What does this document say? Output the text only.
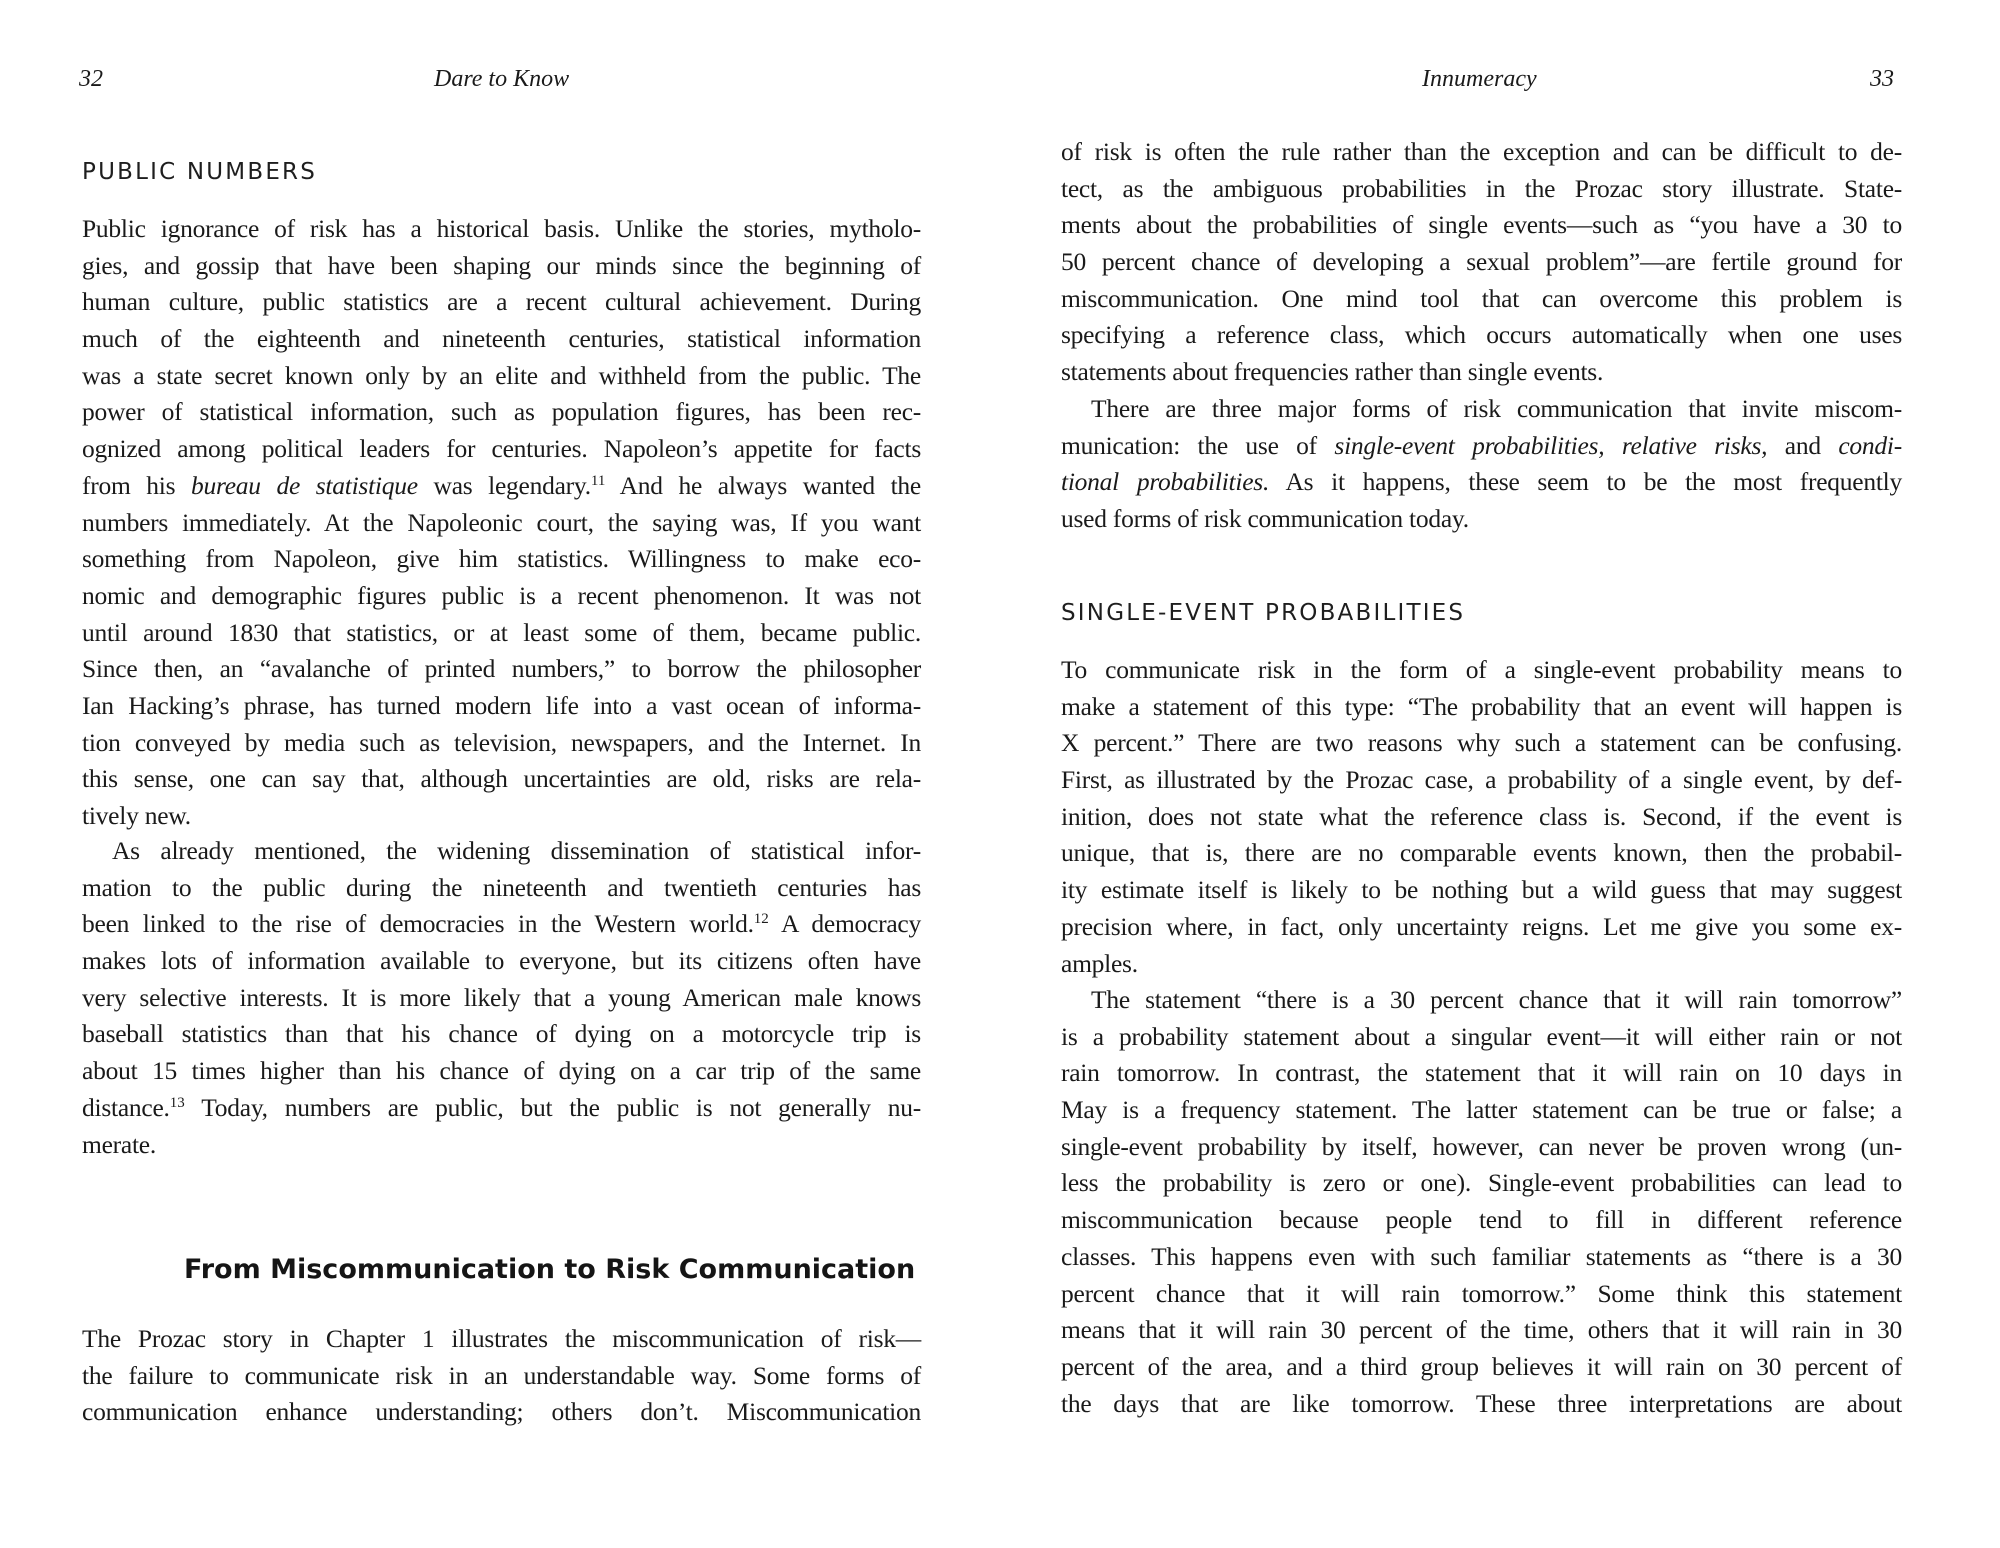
32	Dare to Know
PUBLIC NUMBERS
Public ignorance of risk has a historical basis. Unlike the stories, mytholo-
gies, and gossip that have been shaping our minds since the beginning of
human culture, public statistics are a recent cultural achievement. During
much of the eighteenth and nineteenth centuries, statistical information
was a state secret known only by an elite and withheld from the public. The
power of statistical information, such as population figures, has been rec-
ognized among political leaders for centuries. Napoleon’s appetite for facts
from his bureau de statistique was legendary.$^{11}$ And he always wanted the
numbers immediately. At the Napoleonic court, the saying was, If you want
something from Napoleon, give him statistics. Willingness to make eco-
nomic and demographic figures public is a recent phenomenon. It was not
until around 1830 that statistics, or at least some of them, became public.
Since then, an “avalanche of printed numbers,” to borrow the philosopher
Ian Hacking’s phrase, has turned modern life into a vast ocean of informa-
tion conveyed by media such as television, newspapers, and the Internet. In
this sense, one can say that, although uncertainties are old, risks are rela-
tively new.
As already mentioned, the widening dissemination of statistical infor-
mation to the public during the nineteenth and twentieth centuries has
been linked to the rise of democracies in the Western world.$^{12}$ A democracy
makes lots of information available to everyone, but its citizens often have
very selective interests. It is more likely that a young American male knows
baseball statistics than that his chance of dying on a motorcycle trip is
about 15 times higher than his chance of dying on a car trip of the same
distance.$^{13}$ Today, numbers are public, but the public is not generally nu-
merate.
From Miscommunication to Risk Communication
The Prozac story in Chapter 1 illustrates the miscommunication of risk—
the failure to communicate risk in an understandable way. Some forms of
communication enhance understanding; others don’t. Miscommunication
Innumeracy	33
of risk is often the rule rather than the exception and can be difficult to de-
tect, as the ambiguous probabilities in the Prozac story illustrate. State-
ments about the probabilities of single events—such as “you have a 30 to
50 percent chance of developing a sexual problem”—are fertile ground for
miscommunication. One mind tool that can overcome this problem is
specifying a reference class, which occurs automatically when one uses
statements about frequencies rather than single events.
There are three major forms of risk communication that invite miscom-
munication: the use of single-event probabilities, relative risks, and condi-
tional probabilities. As it happens, these seem to be the most frequently
used forms of risk communication today.
SINGLE-EVENT PROBABILITIES
To communicate risk in the form of a single-event probability means to
make a statement of this type: “The probability that an event will happen is
X percent.” There are two reasons why such a statement can be confusing.
First, as illustrated by the Prozac case, a probability of a single event, by def-
inition, does not state what the reference class is. Second, if the event is
unique, that is, there are no comparable events known, then the probabil-
ity estimate itself is likely to be nothing but a wild guess that may suggest
precision where, in fact, only uncertainty reigns. Let me give you some ex-
amples.
The statement “there is a 30 percent chance that it will rain tomorrow”
is a probability statement about a singular event—it will either rain or not
rain tomorrow. In contrast, the statement that it will rain on 10 days in
May is a frequency statement. The latter statement can be true or false; a
single-event probability by itself, however, can never be proven wrong (un-
less the probability is zero or one). Single-event probabilities can lead to
miscommunication because people tend to fill in different reference
classes. This happens even with such familiar statements as “there is a 30
percent chance that it will rain tomorrow.” Some think this statement
means that it will rain 30 percent of the time, others that it will rain in 30
percent of the area, and a third group believes it will rain on 30 percent of
the days that are like tomorrow. These three interpretations are about
